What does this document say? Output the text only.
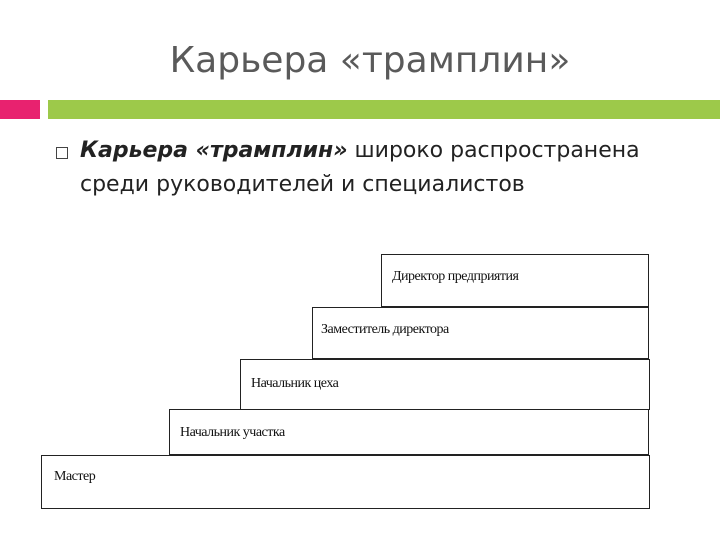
Карьера «трамплин»
Карьера «трамплин» широко распространена среди руководителей и специалистов
Директор предприятия
Заместитель директора
Начальник цеха
Начальник участка
Мастер
